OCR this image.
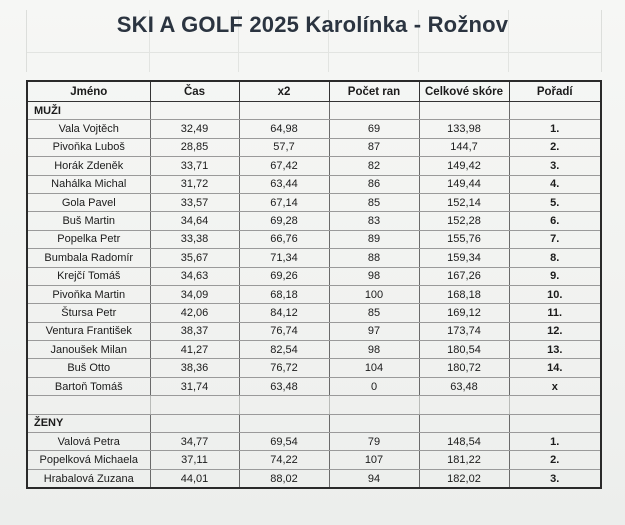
SKI A GOLF 2025 Karolínka - Rožnov
Jméno	Čas	x2	Počet ran	Celkové skóre	Pořadí
MUŽI					
Vala Vojtěch	32,49	64,98	69	133,98	1.
Pivoňka Luboš	28,85	57,7	87	144,7	2.
Horák Zdeněk	33,71	67,42	82	149,42	3.
Nahálka Michal	31,72	63,44	86	149,44	4.
Gola Pavel	33,57	67,14	85	152,14	5.
Buš Martin	34,64	69,28	83	152,28	6.
Popelka Petr	33,38	66,76	89	155,76	7.
Bumbala Radomír	35,67	71,34	88	159,34	8.
Krejčí Tomáš	34,63	69,26	98	167,26	9.
Pivoňka Martin	34,09	68,18	100	168,18	10.
Štursa Petr	42,06	84,12	85	169,12	11.
Ventura František	38,37	76,74	97	173,74	12.
Janoušek Milan	41,27	82,54	98	180,54	13.
Buš Otto	38,36	76,72	104	180,72	14.
Bartoň Tomáš	31,74	63,48	0	63,48	x

ŽENY					
Valová Petra	34,77	69,54	79	148,54	1.
Popelková Michaela	37,11	74,22	107	181,22	2.
Hrabalová Zuzana	44,01	88,02	94	182,02	3.
